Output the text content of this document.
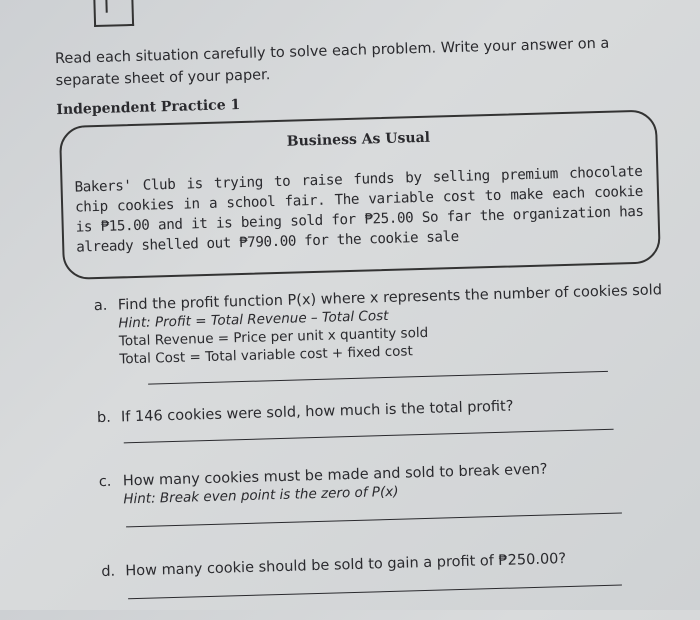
Read each situation carefully to solve each problem. Write your answer on a separate sheet of your paper.
Independent Practice 1
Business As Usual
Bakers' Club is trying to raise funds by selling premium chocolate chip cookies in a school fair. The variable cost to make each cookie is ₱15.00 and it is being sold for ₱25.00 So far the organization has already shelled out ₱790.00 for the cookie sale
a. Find the profit function P(x) where x represents the number of cookies sold
Hint: Profit = Total Revenue – Total Cost
Total Revenue = Price per unit x quantity sold
Total Cost = Total variable cost + fixed cost
b. If 146 cookies were sold, how much is the total profit?
c. How many cookies must be made and sold to break even?
Hint: Break even point is the zero of P(x)
d. How many cookie should be sold to gain a profit of ₱250.00?
